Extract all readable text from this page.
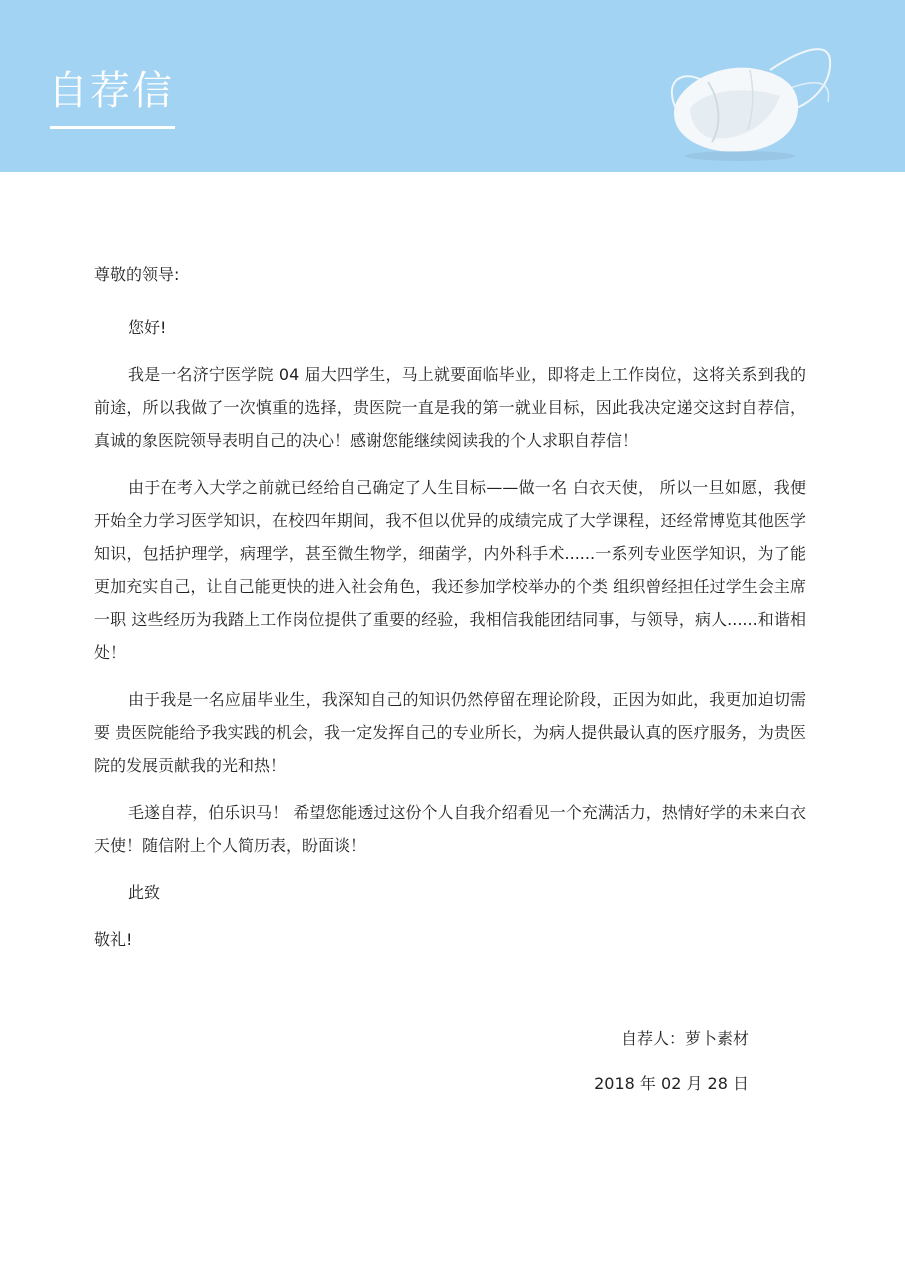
自荐信

尊敬的领导:

您好!

我是一名济宁医学院 04 届大四学生，马上就要面临毕业，即将走上工作岗位，这将关系到我的前途，所以我做了一次慎重的选择，贵医院一直是我的第一就业目标，因此我决定递交这封自荐信，真诚的象医院领导表明自己的决心！感谢您能继续阅读我的个人求职自荐信！

由于在考入大学之前就已经给自己确定了人生目标——做一名 白衣天使， 所以一旦如愿，我便开始全力学习医学知识，在校四年期间，我不但以优异的成绩完成了大学课程，还经常博览其他医学知识，包括护理学，病理学，甚至微生物学，细菌学，内外科手术......一系列专业医学知识，为了能更加充实自己，让自己能更快的进入社会角色，我还参加学校举办的个类 组织曾经担任过学生会主席一职 这些经历为我踏上工作岗位提供了重要的经验，我相信我能团结同事，与领导，病人......和谐相处！

由于我是一名应届毕业生，我深知自己的知识仍然停留在理论阶段，正因为如此，我更加迫切需要 贵医院能给予我实践的机会，我一定发挥自己的专业所长，为病人提供最认真的医疗服务，为贵医院的发展贡献我的光和热！

毛遂自荐，伯乐识马！ 希望您能透过这份个人自我介绍看见一个充满活力，热情好学的未来白衣天使！随信附上个人简历表，盼面谈！

此致

敬礼!

自荐人：萝卜素材
2018 年 02 月 28 日
